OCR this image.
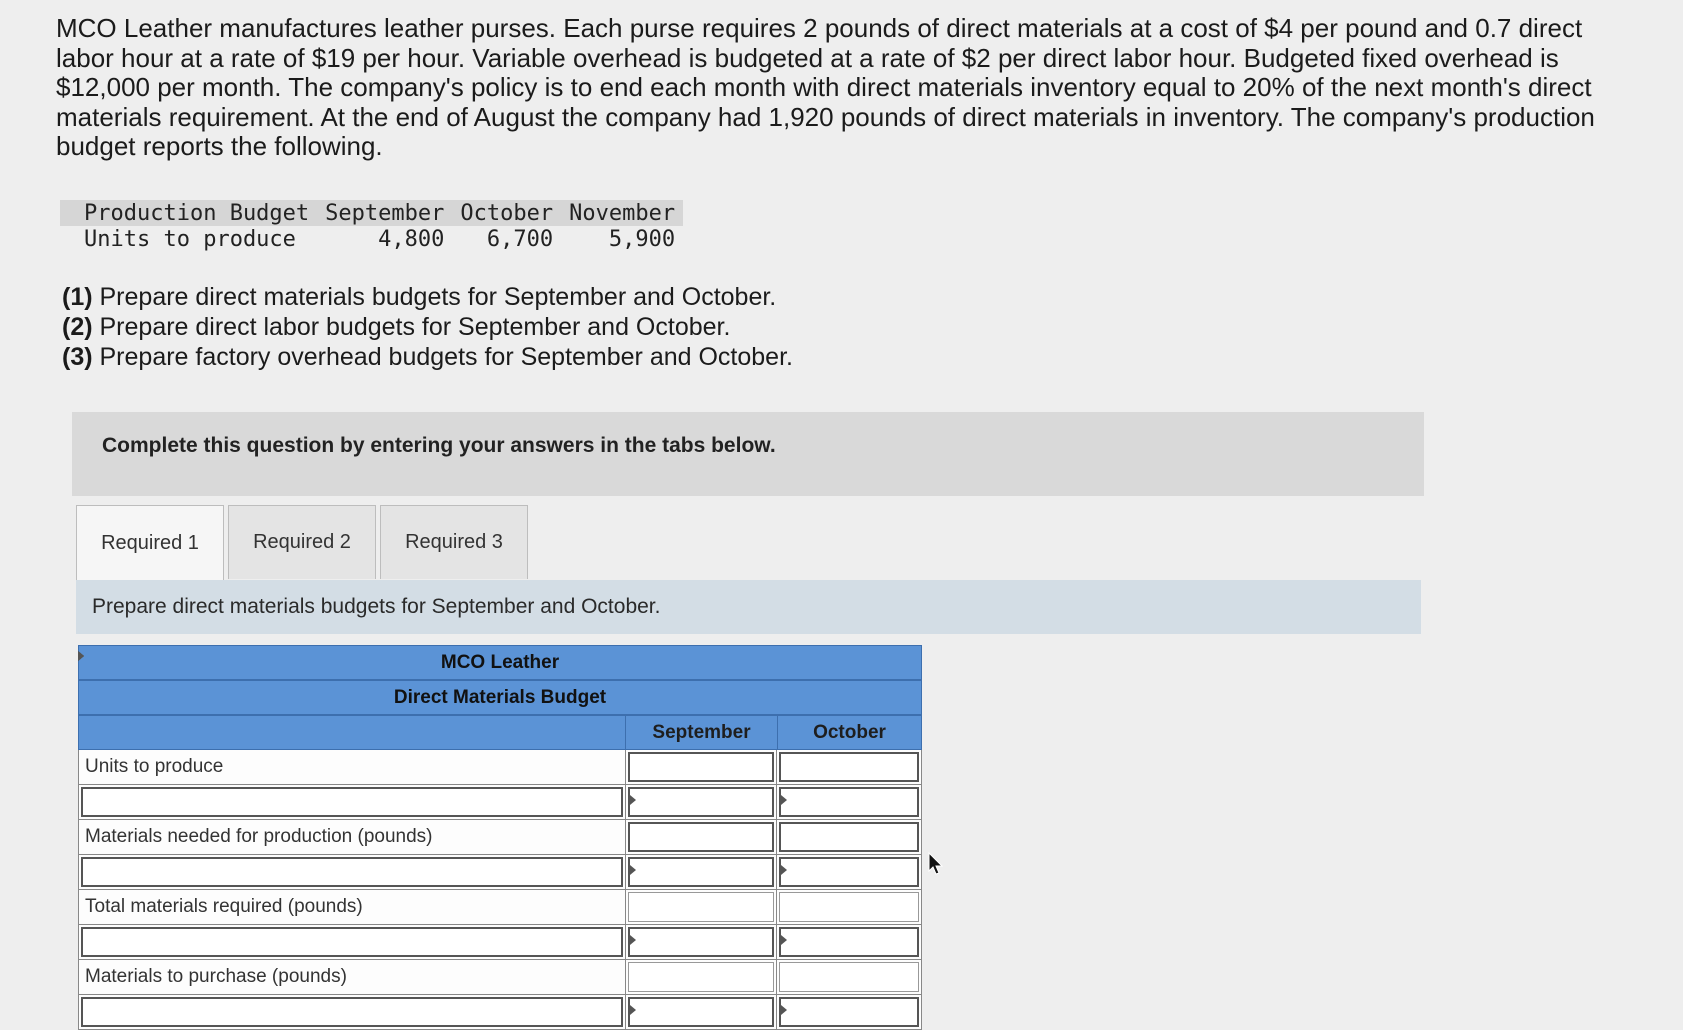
MCO Leather manufactures leather purses. Each purse requires 2 pounds of direct materials at a cost of $4 per pound and 0.7 direct labor hour at a rate of $19 per hour. Variable overhead is budgeted at a rate of $2 per direct labor hour. Budgeted fixed overhead is $12,000 per month. The company's policy is to end each month with direct materials inventory equal to 20% of the next month's direct materials requirement. At the end of August the company had 1,920 pounds of direct materials in inventory. The company's production budget reports the following.
Production Budget	September	October	November
Units to produce	4,800	6,700	5,900
(1) Prepare direct materials budgets for September and October.
(2) Prepare direct labor budgets for September and October.
(3) Prepare factory overhead budgets for September and October.
Complete this question by entering your answers in the tabs below.
Required 1	Required 2	Required 3
Prepare direct materials budgets for September and October.
MCO Leather
Direct Materials Budget
September	October
Units to produce
Materials needed for production (pounds)
Total materials required (pounds)
Materials to purchase (pounds)
